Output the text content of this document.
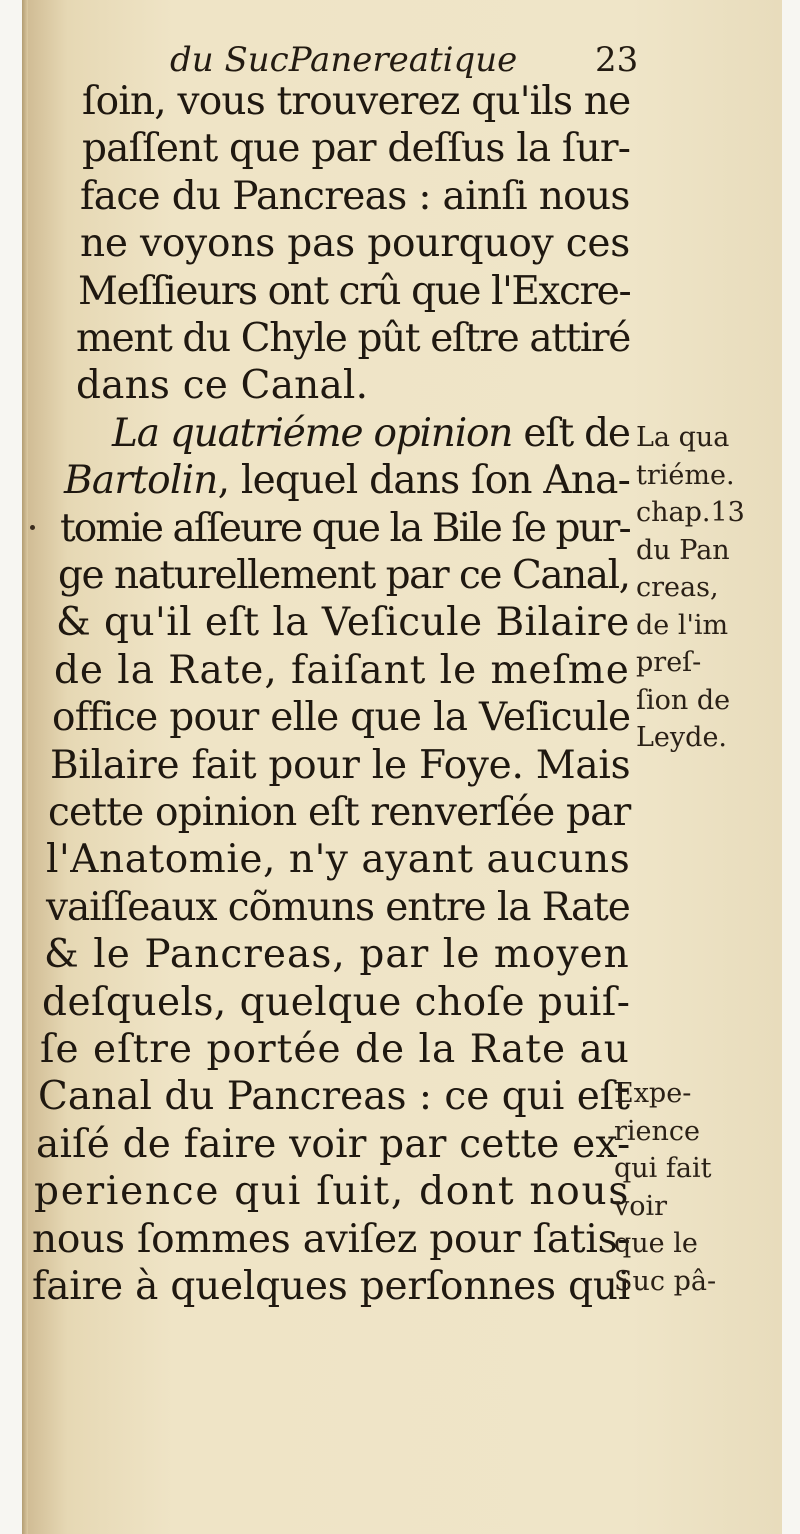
du SucPanereatique 23
ſoin, vous trouverez qu'ils ne
paſſent que par deſſus la ſur-
face du Pancreas : ainſi nous
ne voyons pas pourquoy ces
Meſſieurs ont crû que l'Excre-
ment du Chyle pût eſtre attiré
dans ce Canal.
La quatriéme opinion eſt de
Bartolin, lequel dans ſon Ana-
tomie aſſeure que la Bile ſe pur-
ge naturellement par ce Canal,
& qu'il eſt la Veſicule Bilaire
de la Rate, faiſant le meſme
office pour elle que la Veſicule
Bilaire fait pour le Foye. Mais
cette opinion eſt renverſée par
l'Anatomie, n'y ayant aucuns
vaiſſeaux cõmuns entre la Rate
& le Pancreas, par le moyen
deſquels, quelque choſe puiſ-
ſe eſtre portée de la Rate au
Canal du Pancreas : ce qui eſt
aiſé de faire voir par cette ex-
perience qui ſuit, dont nous
nous ſommes aviſez pour ſatis-
faire à quelques perſonnes qui
La qua
triéme.
chap.13
du Pan
creas,
de l'im
preſ-
ſion de
Leyde.
Expe-
rience
qui fait
voir
que le
Suc pâ-
